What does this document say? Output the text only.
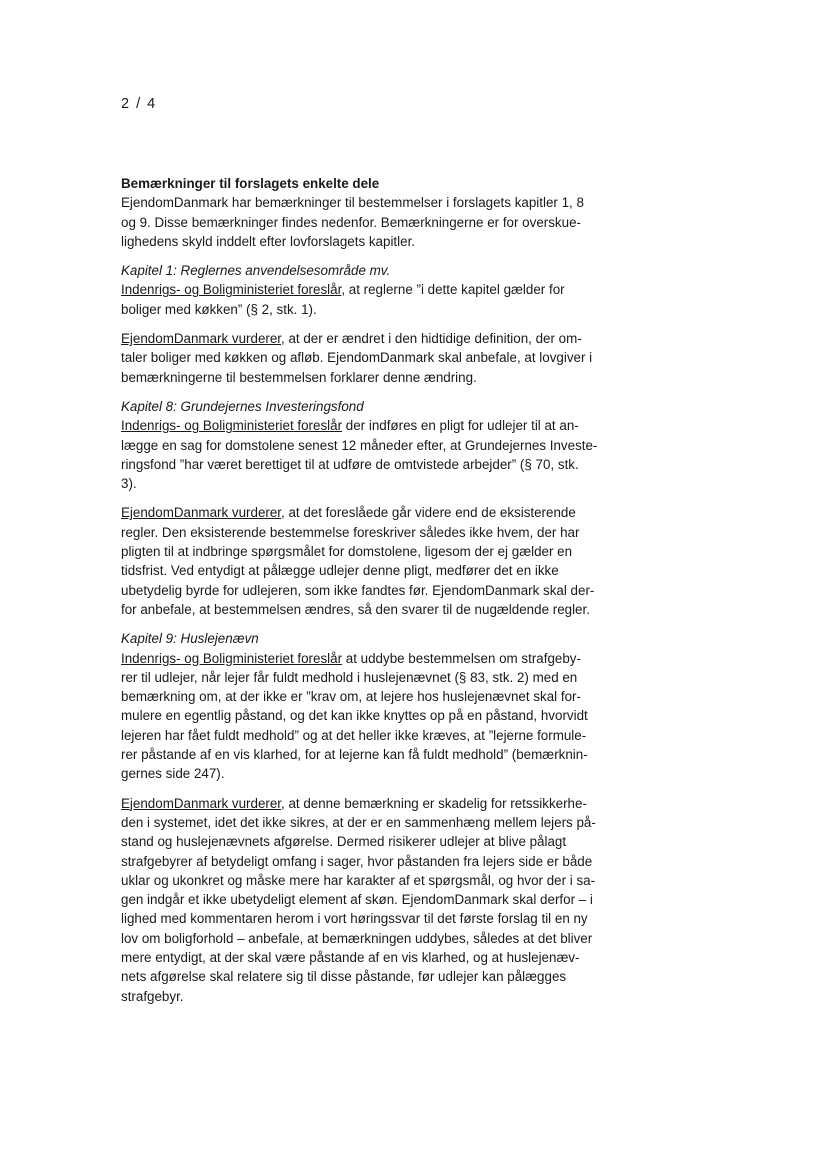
2 / 4

Bemærkninger til forslagets enkelte dele

EjendomDanmark har bemærkninger til bestemmelser i forslagets kapitler 1, 8

og 9. Disse bemærkninger findes nedenfor. Bemærkningerne er for overskue-

lighedens skyld inddelt efter lovforslagets kapitler.

Kapitel 1: Reglernes anvendelsesområde mv.

Indenrigs- og Boligministeriet foreslår, at reglerne ”i dette kapitel gælder for

boliger med køkken” (§ 2, stk. 1).

EjendomDanmark vurderer, at der er ændret i den hidtidige definition, der om-

taler boliger med køkken og afløb. EjendomDanmark skal anbefale, at lovgiver i

bemærkningerne til bestemmelsen forklarer denne ændring.

Kapitel 8: Grundejernes Investeringsfond

Indenrigs- og Boligministeriet foreslår der indføres en pligt for udlejer til at an-

lægge en sag for domstolene senest 12 måneder efter, at Grundejernes Investe-

ringsfond ”har været berettiget til at udføre de omtvistede arbejder” (§ 70, stk.

3).

EjendomDanmark vurderer, at det foreslåede går videre end de eksisterende

regler. Den eksisterende bestemmelse foreskriver således ikke hvem, der har

pligten til at indbringe spørgsmålet for domstolene, ligesom der ej gælder en

tidsfrist. Ved entydigt at pålægge udlejer denne pligt, medfører det en ikke

ubetydelig byrde for udlejeren, som ikke fandtes før. EjendomDanmark skal der-

for anbefale, at bestemmelsen ændres, så den svarer til de nugældende regler.

Kapitel 9: Huslejenævn

Indenrigs- og Boligministeriet foreslår at uddybe bestemmelsen om strafgeby-

rer til udlejer, når lejer får fuldt medhold i huslejenævnet (§ 83, stk. 2) med en

bemærkning om, at der ikke er ”krav om, at lejere hos huslejenævnet skal for-

mulere en egentlig påstand, og det kan ikke knyttes op på en påstand, hvorvidt

lejeren har fået fuldt medhold” og at det heller ikke kræves, at ”lejerne formule-

rer påstande af en vis klarhed, for at lejerne kan få fuldt medhold” (bemærknin-

gernes side 247).

EjendomDanmark vurderer, at denne bemærkning er skadelig for retssikkerhe-

den i systemet, idet det ikke sikres, at der er en sammenhæng mellem lejers på-

stand og huslejenævnets afgørelse. Dermed risikerer udlejer at blive pålagt

strafgebyrer af betydeligt omfang i sager, hvor påstanden fra lejers side er både

uklar og ukonkret og måske mere har karakter af et spørgsmål, og hvor der i sa-

gen indgår et ikke ubetydeligt element af skøn. EjendomDanmark skal derfor – i

lighed med kommentaren herom i vort høringssvar til det første forslag til en ny

lov om boligforhold – anbefale, at bemærkningen uddybes, således at det bliver

mere entydigt, at der skal være påstande af en vis klarhed, og at huslejenæv-

nets afgørelse skal relatere sig til disse påstande, før udlejer kan pålægges

strafgebyr.
